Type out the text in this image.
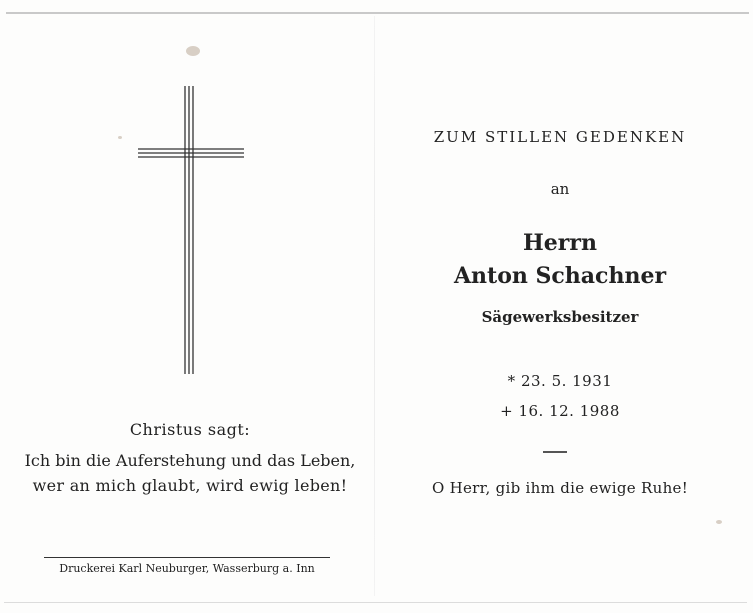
Christus sagt:
Ich bin die Auferstehung und das Leben,
wer an mich glaubt, wird ewig leben!
Druckerei Karl Neuburger, Wasserburg a. Inn
ZUM STILLEN GEDENKEN
an
Herrn
Anton Schachner
Sägewerksbesitzer
* 23. 5. 1931
+ 16. 12. 1988
O Herr, gib ihm die ewige Ruhe!
